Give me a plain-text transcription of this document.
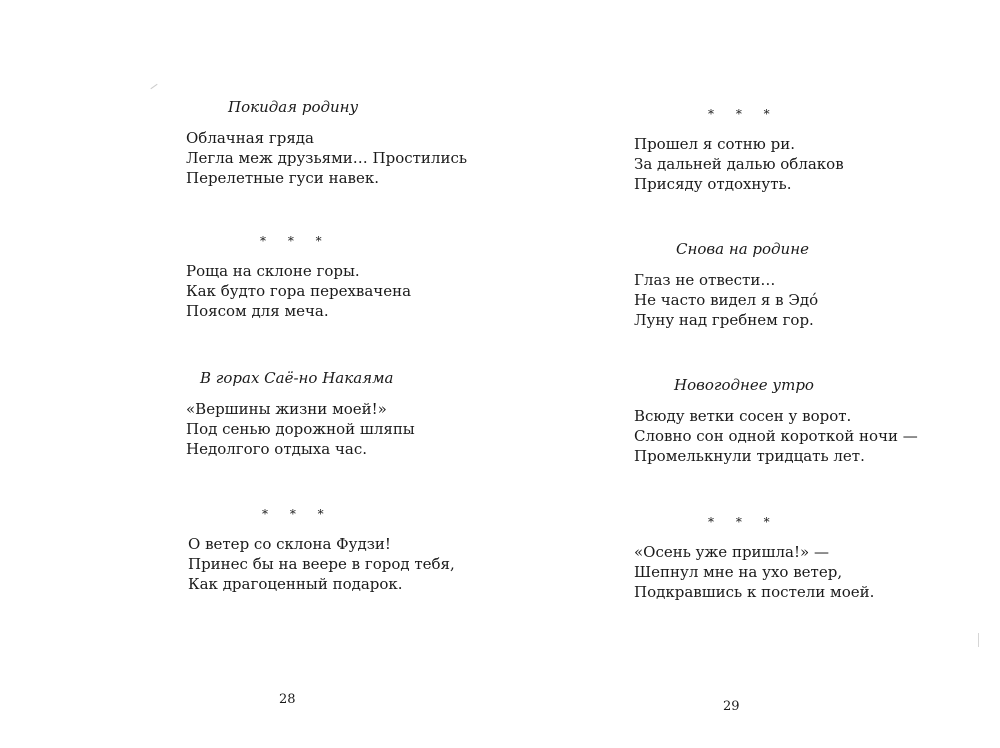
Покидая родину
Облачная гряда
Легла меж друзьями… Простились
Перелетные гуси навек.
* * *
Роща на склоне горы.
Как будто гора перехвачена
Поясом для меча.
В горах Саё-но Накаяма
«Вершины жизни моей!»
Под сенью дорожной шляпы
Недолгого отдыха час.
* * *
О ветер со склона Фудзи!
Принес бы на веере в город тебя,
Как драгоценный подарок.
28
* * *
Прошел я сотню ри.
За дальней далью облаков
Присяду отдохнуть.
Снова на родине
Глаз не отвести…
Не часто видел я в Эдó
Луну над гребнем гор.
Новогоднее утро
Всюду ветки сосен у ворот.
Словно сон одной короткой ночи —
Промелькнули тридцать лет.
* * *
«Осень уже пришла!» —
Шепнул мне на ухо ветер,
Подкравшись к постели моей.
29
